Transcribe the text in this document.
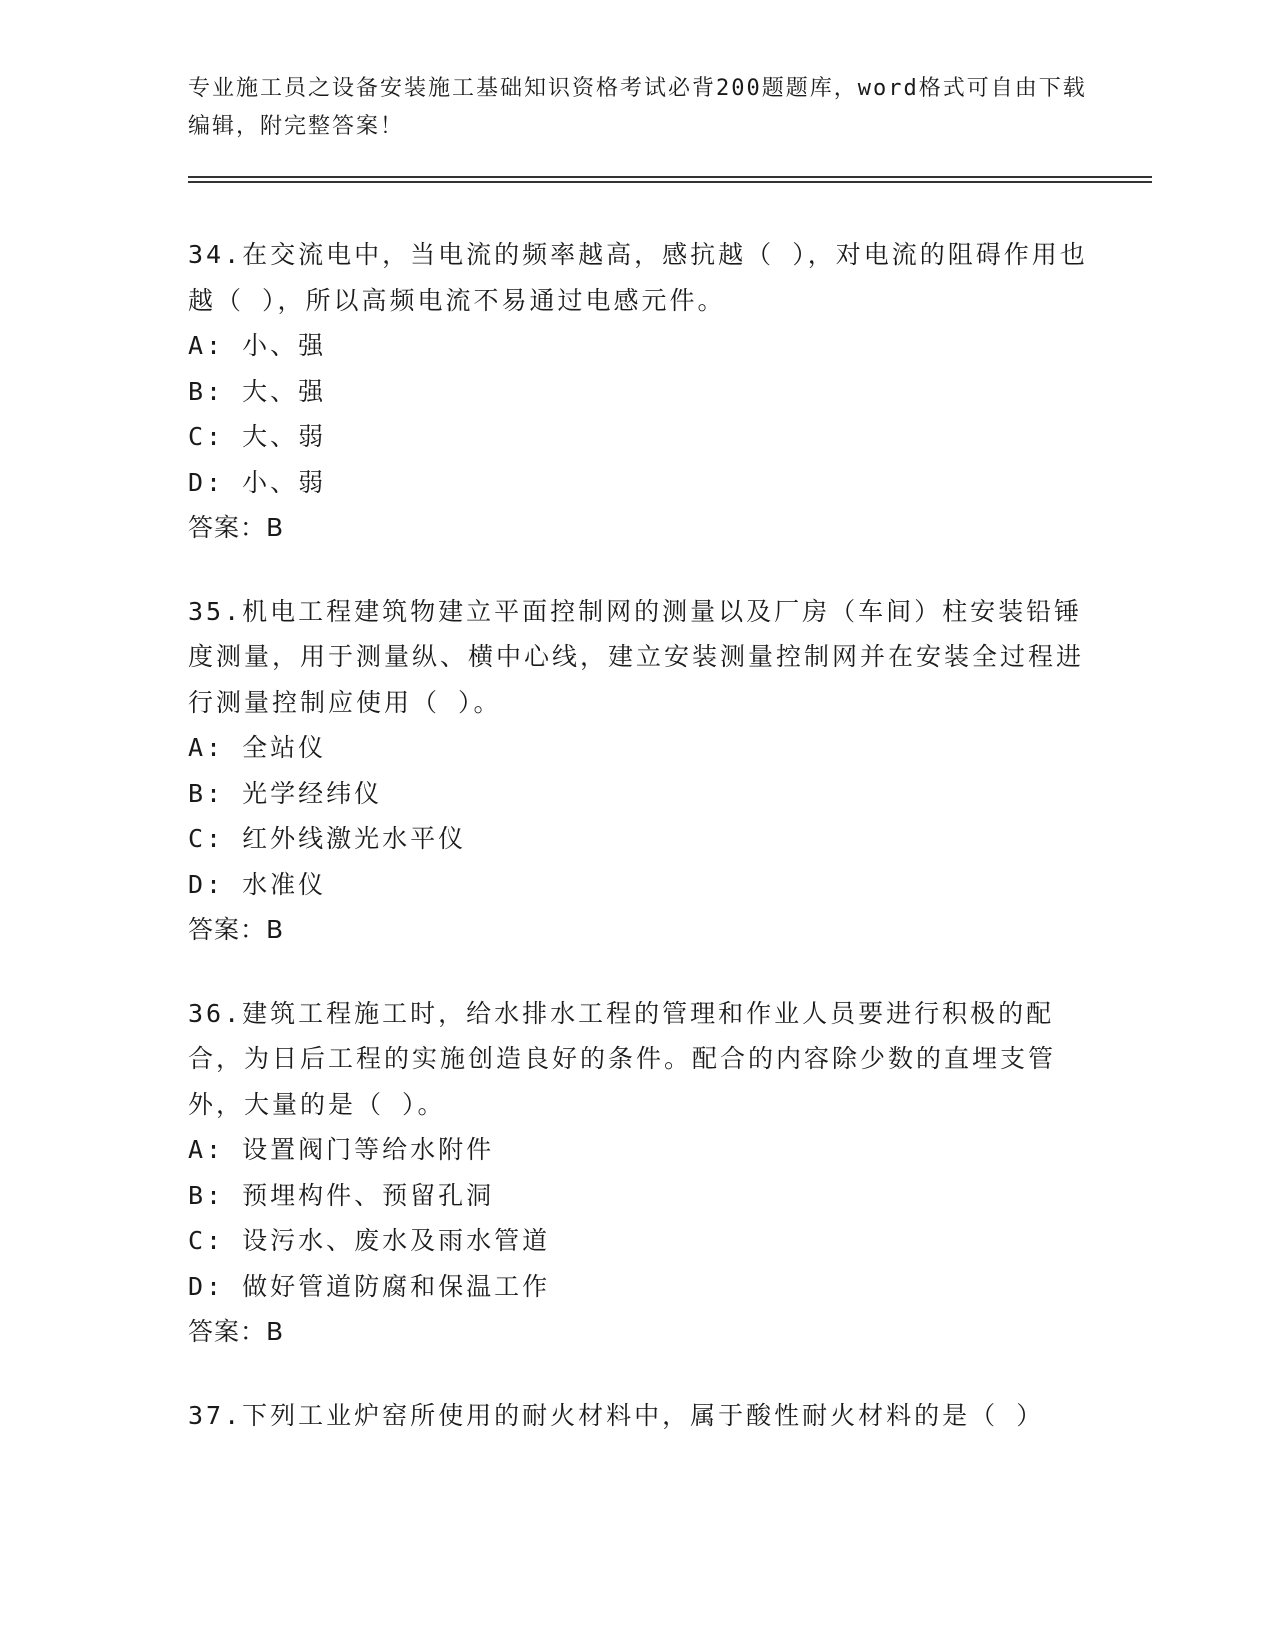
专业施工员之设备安装施工基础知识资格考试必背200题题库，word格式可自由下载编辑，附完整答案！
34.在交流电中，当电流的频率越高，感抗越（ ），对电流的阻碍作用也越（ ），所以高频电流不易通过电感元件。
A: 小、强
B: 大、强
C: 大、弱
D: 小、弱
答案：B
35.机电工程建筑物建立平面控制网的测量以及厂房（车间）柱安装铅锤度测量，用于测量纵、横中心线，建立安装测量控制网并在安装全过程进行测量控制应使用（ ）。
A: 全站仪
B: 光学经纬仪
C: 红外线激光水平仪
D: 水准仪
答案：B
36.建筑工程施工时，给水排水工程的管理和作业人员要进行积极的配合，为日后工程的实施创造良好的条件。配合的内容除少数的直埋支管外，大量的是（ ）。
A: 设置阀门等给水附件
B: 预埋构件、预留孔洞
C: 设污水、废水及雨水管道
D: 做好管道防腐和保温工作
答案：B
37.下列工业炉窑所使用的耐火材料中，属于酸性耐火材料的是（ ）
